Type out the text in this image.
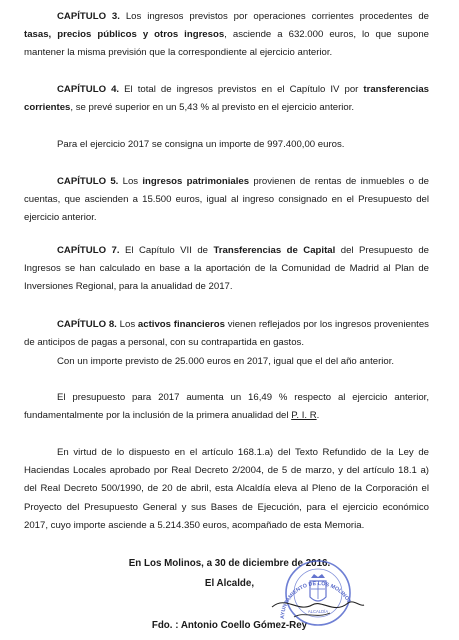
CAPÍTULO 3. Los ingresos previstos por operaciones corrientes procedentes de tasas, precios públicos y otros ingresos, asciende a 632.000 euros, lo que supone mantener la misma previsión que la correspondiente al ejercicio anterior.

CAPÍTULO 4. El total de ingresos previstos en el Capítulo IV por transferencias corrientes, se prevé superior en un 5,43 % al previsto en el ejercicio anterior.

Para el ejercicio 2017 se consigna un importe de 997.400,00 euros.

CAPÍTULO 5. Los ingresos patrimoniales provienen de rentas de inmuebles o de cuentas, que ascienden a 15.500 euros, igual al ingreso consignado en el Presupuesto del ejercicio anterior.

CAPÍTULO 7. El Capítulo VII de Transferencias de Capital del Presupuesto de Ingresos se han calculado en base a la aportación de la Comunidad de Madrid al Plan de Inversiones Regional, para la anualidad de 2017.

CAPÍTULO 8. Los activos financieros vienen reflejados por los ingresos provenientes de anticipos de pagas a personal, con su contrapartida en gastos.

Con un importe previsto de 25.000 euros en 2017, igual que el del año anterior.

El presupuesto para 2017 aumenta un 16,49 % respecto al ejercicio anterior, fundamentalmente por la inclusión de la primera anualidad del P. I. R.

En virtud de lo dispuesto en el artículo 168.1.a) del Texto Refundido de la Ley de Haciendas Locales aprobado por Real Decreto 2/2004, de 5 de marzo, y del artículo 18.1 a) del Real Decreto 500/1990, de 20 de abril, esta Alcaldía eleva al Pleno de la Corporación el Proyecto del Presupuesto General y sus Bases de Ejecución, para el ejercicio económico 2017, cuyo importe asciende a 5.214.350 euros, acompañado de esta Memoria.

En Los Molinos, a 30 de diciembre de 2016.
El Alcalde,
Fdo. : Antonio Coello Gómez-Rey
AYUNTAMIENTO DE LOS MOLINOS
ALCALDÍA
